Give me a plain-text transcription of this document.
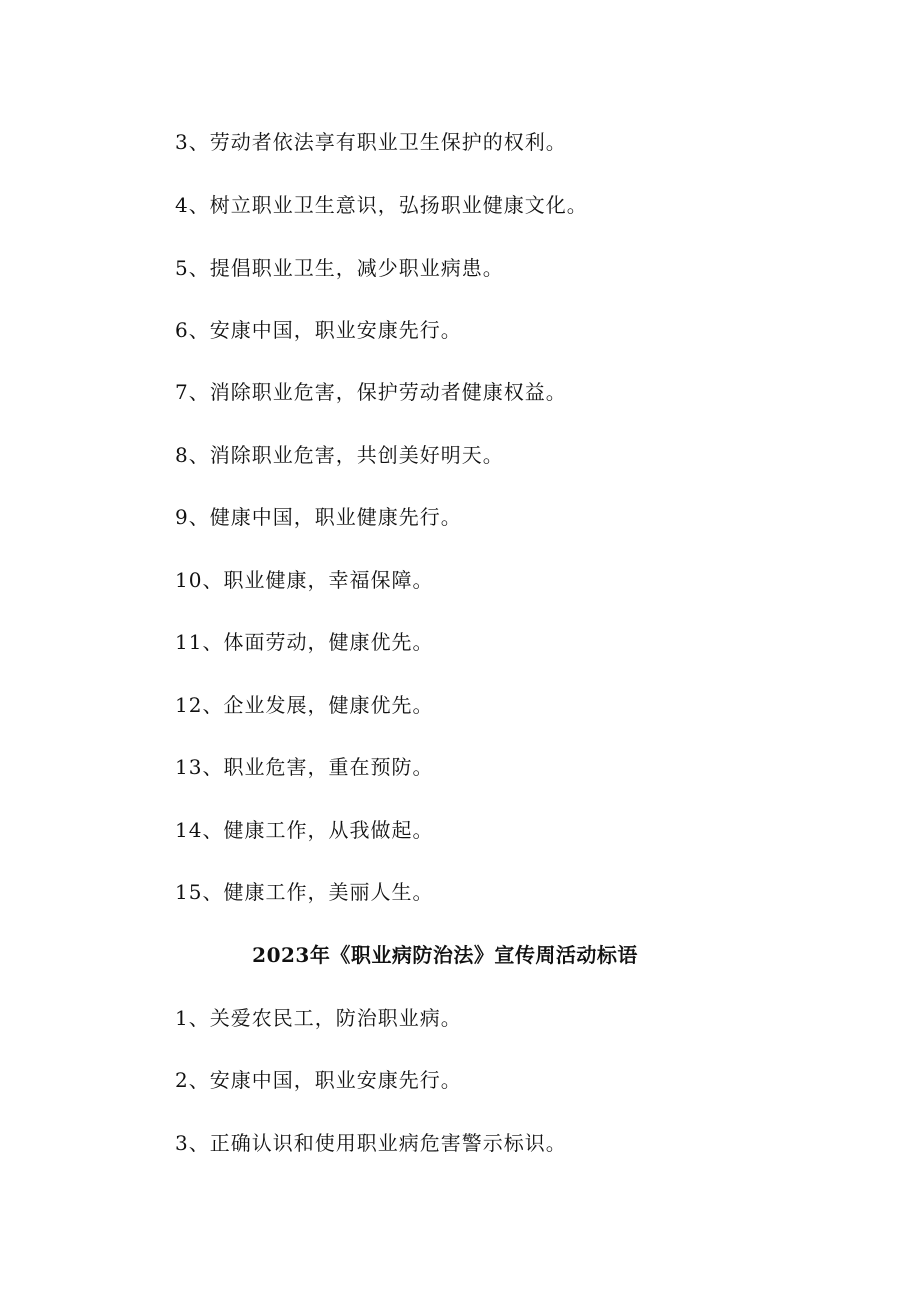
3、劳动者依法享有职业卫生保护的权利。
4、树立职业卫生意识，弘扬职业健康文化。
5、提倡职业卫生，减少职业病患。
6、安康中国，职业安康先行。
7、消除职业危害，保护劳动者健康权益。
8、消除职业危害，共创美好明天。
9、健康中国，职业健康先行。
10、职业健康，幸福保障。
11、体面劳动，健康优先。
12、企业发展，健康优先。
13、职业危害，重在预防。
14、健康工作，从我做起。
15、健康工作，美丽人生。
2023年《职业病防治法》宣传周活动标语
1、关爱农民工，防治职业病。
2、安康中国，职业安康先行。
3、正确认识和使用职业病危害警示标识。
